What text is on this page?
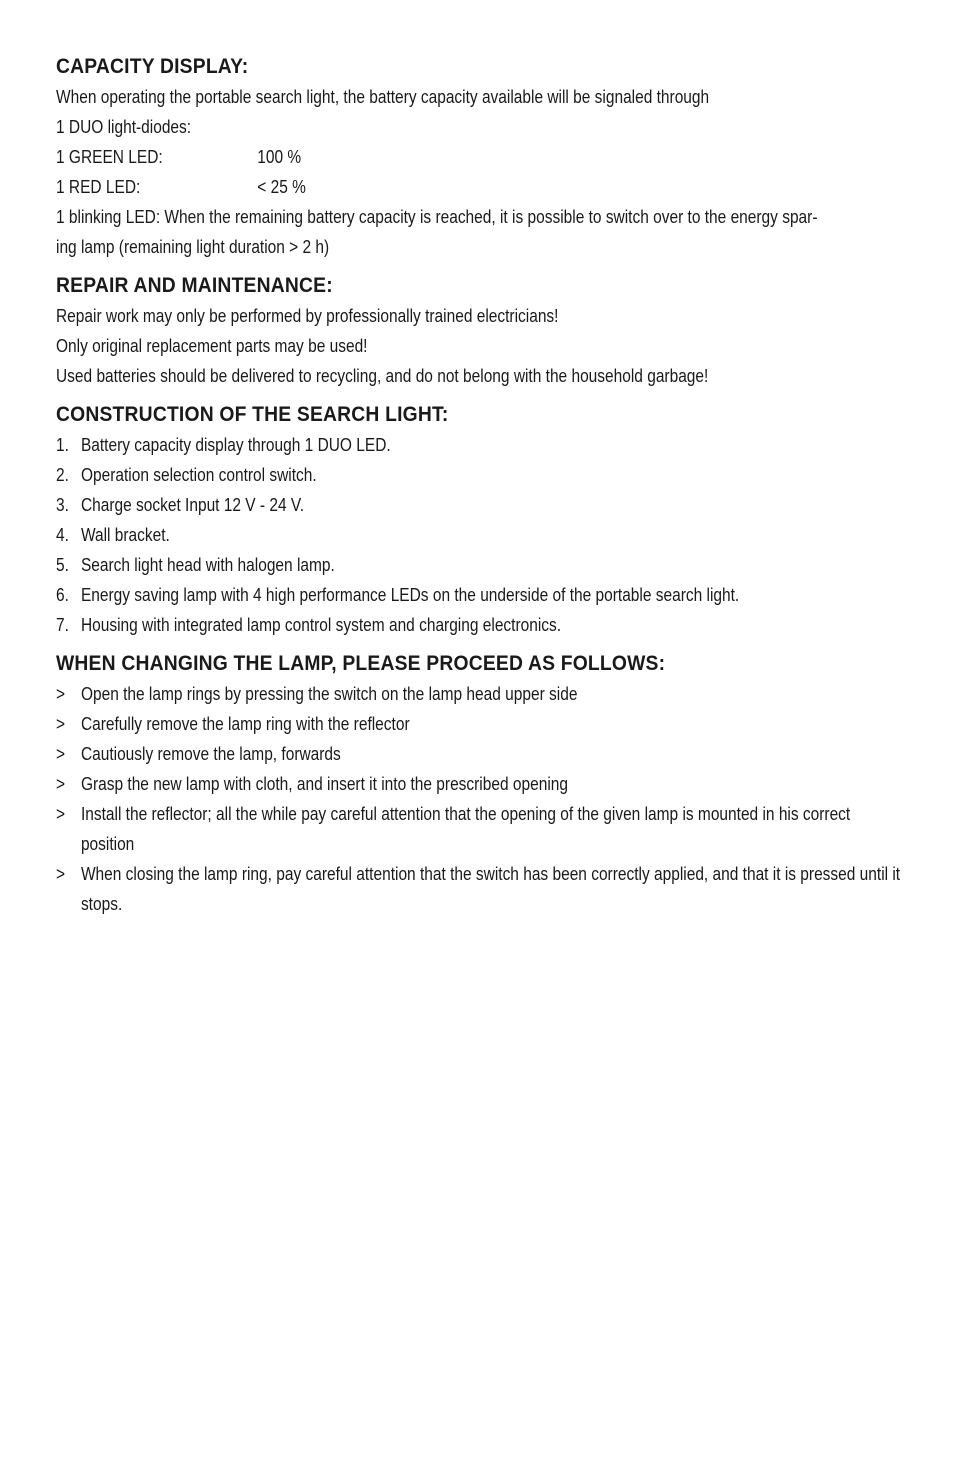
CAPACITY DISPLAY:
When operating the portable search light, the battery capacity available will be signaled through
1 DUO light-diodes:
1 GREEN LED:	100 %
1 RED LED:	< 25 %
1 blinking LED: When the remaining battery capacity is reached, it is possible to switch over to the energy spar-
ing lamp (remaining light duration > 2 h)
REPAIR AND MAINTENANCE:
Repair work may only be performed by professionally trained electricians!
Only original replacement parts may be used!
Used batteries should be delivered to recycling, and do not belong with the household garbage!
CONSTRUCTION OF THE SEARCH LIGHT:
1. Battery capacity display through 1 DUO LED.
2. Operation selection control switch.
3. Charge socket Input 12 V - 24 V.
4. Wall bracket.
5. Search light head with halogen lamp.
6. Energy saving lamp with 4 high performance LEDs on the underside of the portable search light.
7. Housing with integrated lamp control system and charging electronics.
WHEN CHANGING THE LAMP, PLEASE PROCEED AS FOLLOWS:
> Open the lamp rings by pressing the switch on the lamp head upper side
> Carefully remove the lamp ring with the reflector
> Cautiously remove the lamp, forwards
> Grasp the new lamp with cloth, and insert it into the prescribed opening
> Install the reflector; all the while pay careful attention that the opening of the given lamp is mounted in his correct position
> When closing the lamp ring, pay careful attention that the switch has been correctly applied, and that it is pressed until it stops.
